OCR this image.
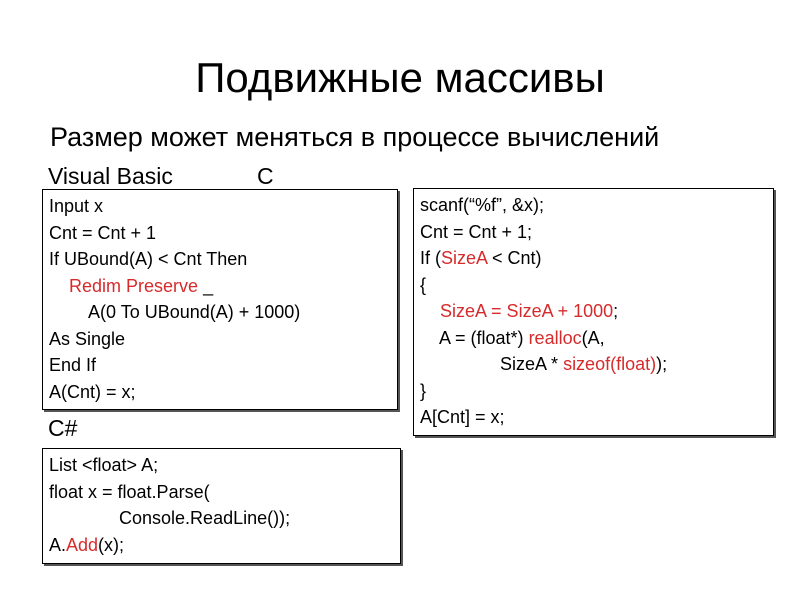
Подвижные массивы
Размер может меняться в процессе вычислений
Visual Basic	C
C#
Input x
Cnt = Cnt + 1
If UBound(A) < Cnt Then
Redim Preserve _
A(0 To UBound(A) + 1000)
As Single
End If
A(Cnt) = x;
scanf(“%f”, &x);
Cnt = Cnt + 1;
If (SizeA < Cnt)
{
SizeA = SizeA + 1000;
A = (float*) realloc(A,
SizeA * sizeof(float));
}
A[Cnt] = x;
List <float> A;
float x = float.Parse(
Console.ReadLine());
A.Add(x);
